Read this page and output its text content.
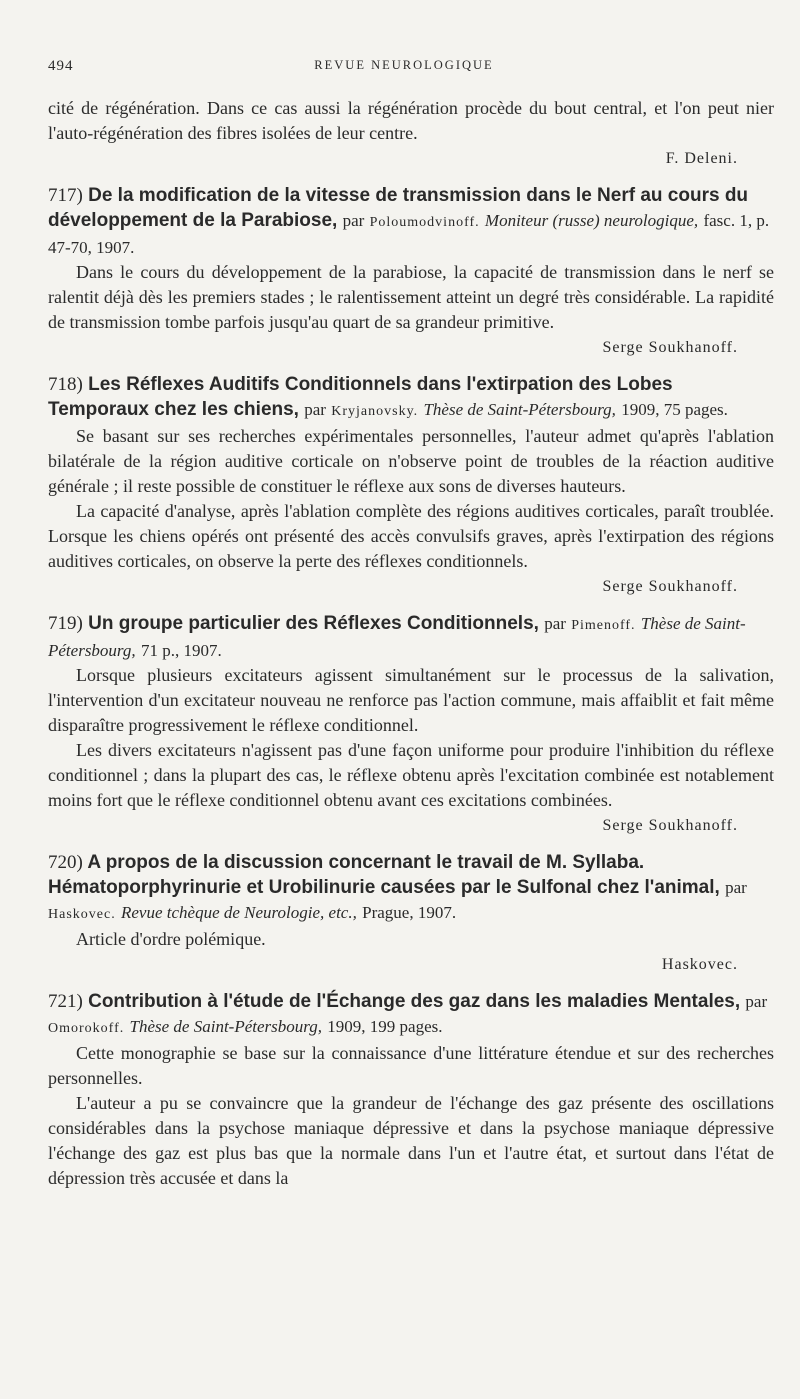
494	REVUE NEUROLOGIQUE

cité de régénération. Dans ce cas aussi la régénération procède du bout central, et l'on peut nier l'auto-régénération des fibres isolées de leur centre.

F. Deleni.
717) De la modification de la vitesse de transmission dans le Nerf au cours du développement de la Parabiose, par Poloumodvinoff. Moniteur (russe) neurologique, fasc. 1, p. 47-70, 1907.

Dans le cours du développement de la parabiose, la capacité de transmission dans le nerf se ralentit déjà dès les premiers stades ; le ralentissement atteint un degré très considérable. La rapidité de transmission tombe parfois jusqu'au quart de sa grandeur primitive.

Serge Soukhanoff.
718) Les Réflexes Auditifs Conditionnels dans l'extirpation des Lobes Temporaux chez les chiens, par Kryjanovsky. Thèse de Saint-Pétersbourg, 1909, 75 pages.

Se basant sur ses recherches expérimentales personnelles, l'auteur admet qu'après l'ablation bilatérale de la région auditive corticale on n'observe point de troubles de la réaction auditive générale ; il reste possible de constituer le réflexe aux sons de diverses hauteurs.

La capacité d'analyse, après l'ablation complète des régions auditives corticales, paraît troublée. Lorsque les chiens opérés ont présenté des accès convulsifs graves, après l'extirpation des régions auditives corticales, on observe la perte des réflexes conditionnels.

Serge Soukhanoff.
719) Un groupe particulier des Réflexes Conditionnels, par Pimenoff. Thèse de Saint-Pétersbourg, 71 p., 1907.

Lorsque plusieurs excitateurs agissent simultanément sur le processus de la salivation, l'intervention d'un excitateur nouveau ne renforce pas l'action commune, mais affaiblit et fait même disparaître progressivement le réflexe conditionnel.

Les divers excitateurs n'agissent pas d'une façon uniforme pour produire l'inhibition du réflexe conditionnel ; dans la plupart des cas, le réflexe obtenu après l'excitation combinée est notablement moins fort que le réflexe conditionnel obtenu avant ces excitations combinées.

Serge Soukhanoff.
720) A propos de la discussion concernant le travail de M. Syllaba. Hématoporphyrinurie et Urobilinurie causées par le Sulfonal chez l'animal, par Haskovec. Revue tchèque de Neurologie, etc., Prague, 1907.

Article d'ordre polémique.

Haskovec.
721) Contribution à l'étude de l'Échange des gaz dans les maladies Mentales, par Omorokoff. Thèse de Saint-Pétersbourg, 1909, 199 pages.

Cette monographie se base sur la connaissance d'une littérature étendue et sur des recherches personnelles.

L'auteur a pu se convaincre que la grandeur de l'échange des gaz présente des oscillations considérables dans la psychose maniaque dépressive et dans la psychose maniaque dépressive l'échange des gaz est plus bas que la normale dans l'un et l'autre état, et surtout dans l'état de dépression très accusée et dans la
